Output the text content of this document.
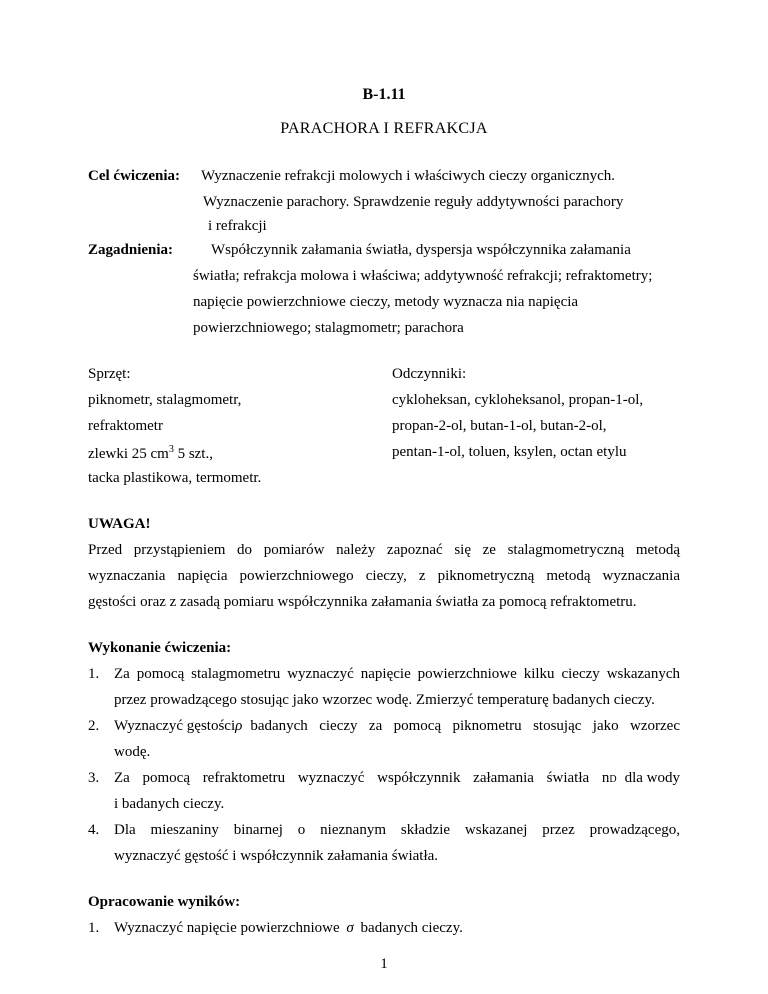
B-1.11
PARACHORA I REFRAKCJA
Cel ćwiczenia: Wyznaczenie refrakcji molowych i właściwych cieczy organicznych.
Wyznaczenie parachory. Sprawdzenie reguły addytywności parachory
i refrakcji
Zagadnienia:	Współczynnik załamania światła, dyspersja współczynnika załamania
światła; refrakcja molowa i właściwa; addytywność refrakcji; refraktometry;
napięcie powierzchniowe cieczy, metody wyznacza nia napięcia
powierzchniowego; stalagmometr; parachora
Sprzęt:	Odczynniki:
piknometr, stalagmometr,	cykloheksan, cykloheksanol, propan-1-ol,
refraktometr	propan-2-ol, butan-1-ol, butan-2-ol,
zlewki 25 $cm^3$ 5 szt.,	pentan-1-ol, toluen, ksylen, octan etylu
tacka plastikowa, termometr.
UWAGA!
Przed przystąpieniem do pomiarów należy zapoznać się ze stalagmometryczną metodą
wyznaczania napięcia powierzchniowego cieczy, z piknometryczną metodą wyznaczania
gęstości oraz z zasadą pomiaru współczynnika załamania światła za pomocą refraktometru.
Wykonanie ćwiczenia:
1. Za pomocą stalagmometru wyznaczyć napięcie powierzchniowe kilku cieczy wskazanych
przez prowadzącego stosując jako wzorzec wodę. Zmierzyć temperaturę badanych cieczy.
2. Wyznaczyć gęstości ρ badanych cieczy za pomocą piknometru stosując jako wzorzec
wodę.
3. Za pomocą refraktometru wyznaczyć współczynnik załamania światła $n_D$ dla wody
i badanych cieczy.
4. Dla mieszaniny binarnej o nieznanym składzie wskazanej przez prowadzącego,
wyznaczyć gęstość i współczynnik załamania światła.
Opracowanie wyników:
1. Wyznaczyć napięcie powierzchniowe σ badanych cieczy.
1
